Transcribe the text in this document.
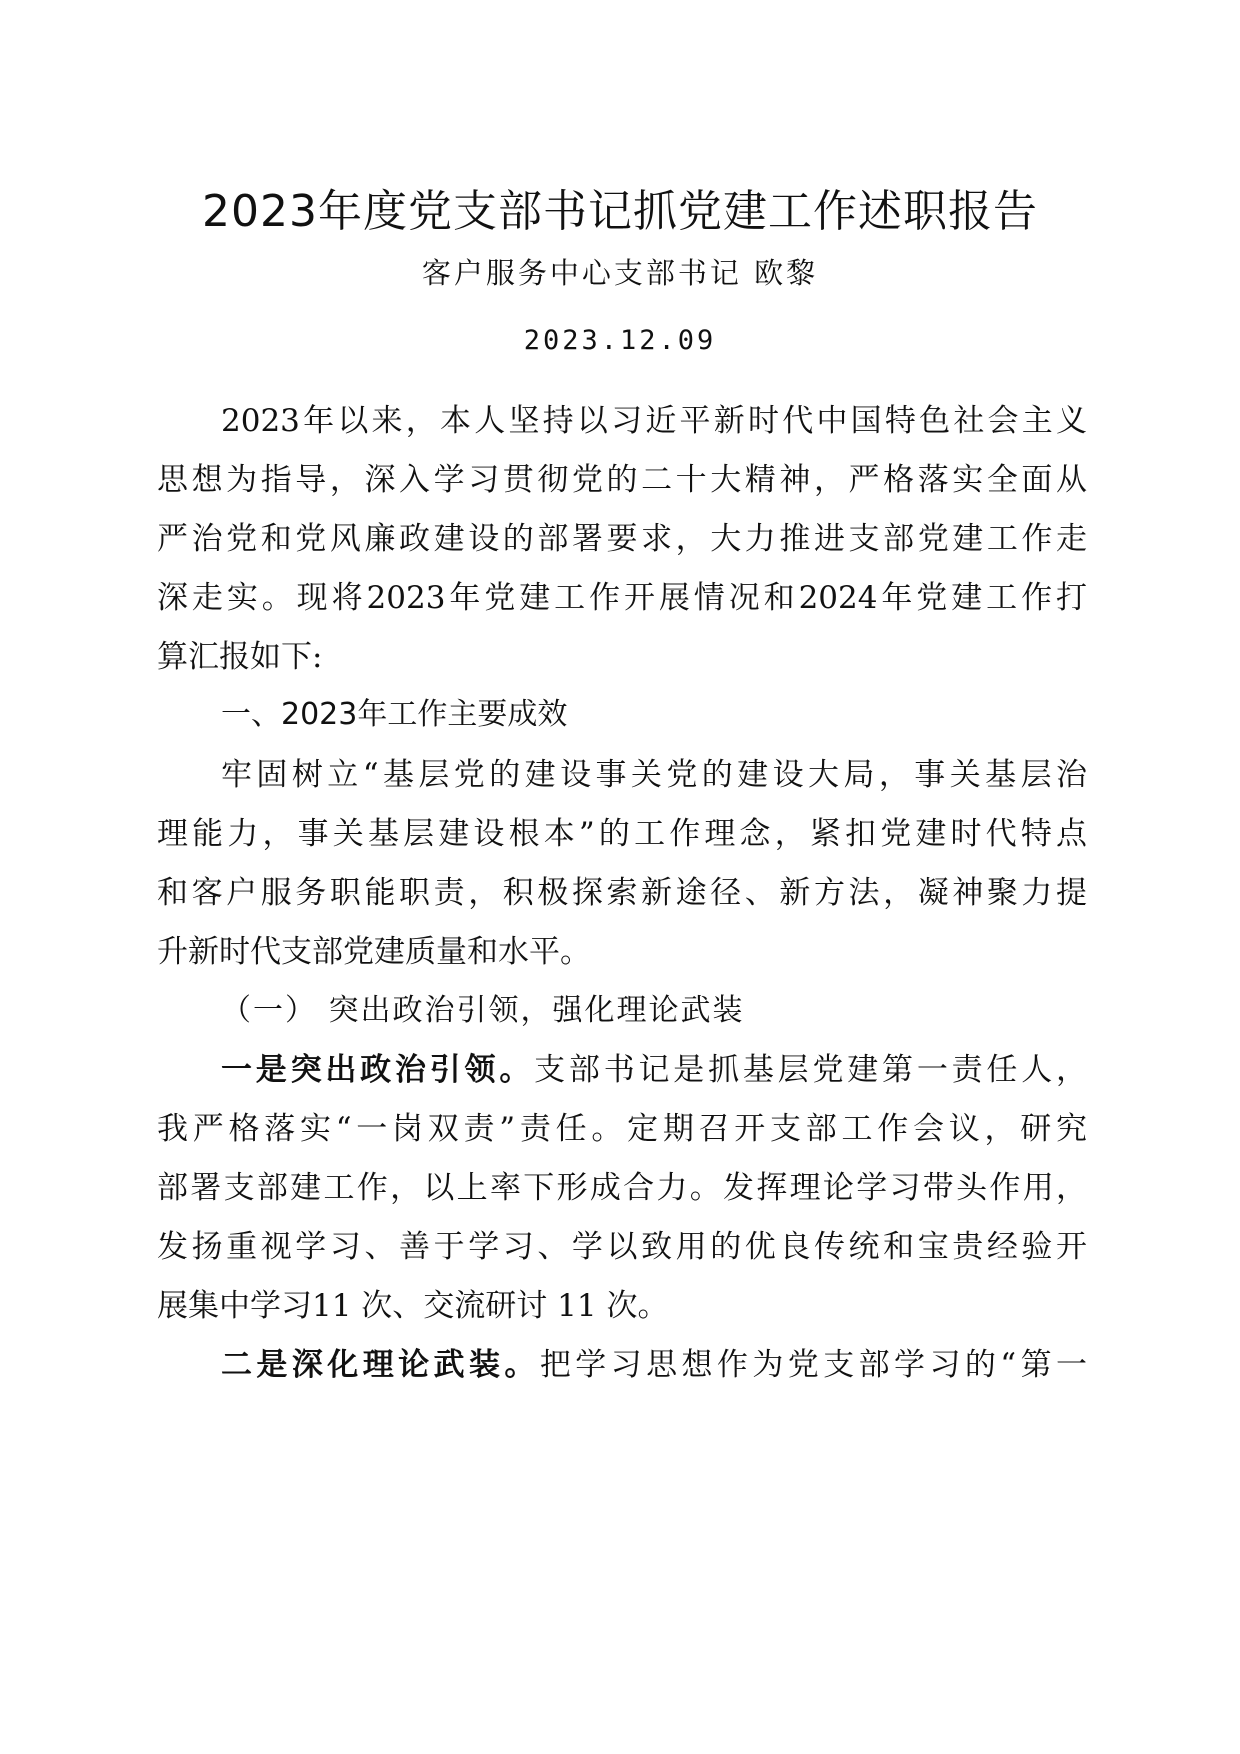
2023年度党支部书记抓党建工作述职报告
客户服务中心支部书记 欧黎
2023.12.09
2023年以来，本人坚持以习近平新时代中国特色社会主义
思想为指导，深入学习贯彻党的二十大精神，严格落实全面从
严治党和党风廉政建设的部署要求，大力推进支部党建工作走
深走实。现将2023年党建工作开展情况和2024年党建工作打
算汇报如下:
一、2023年工作主要成效
牢固树立“基层党的建设事关党的建设大局，事关基层治
理能力，事关基层建设根本”的工作理念，紧扣党建时代特点
和客户服务职能职责，积极探索新途径、新方法，凝神聚力提
升新时代支部党建质量和水平。
（一） 突出政治引领，强化理论武装
一是突出政治引领。支部书记是抓基层党建第一责任人，
我严格落实“一岗双责”责任。定期召开支部工作会议，研究
部署支部建工作，以上率下形成合力。发挥理论学习带头作用，
发扬重视学习、善于学习、学以致用的优良传统和宝贵经验开
展集中学习11 次、交流研讨 11 次。
二是深化理论武装。把学习思想作为党支部学习的“第一
